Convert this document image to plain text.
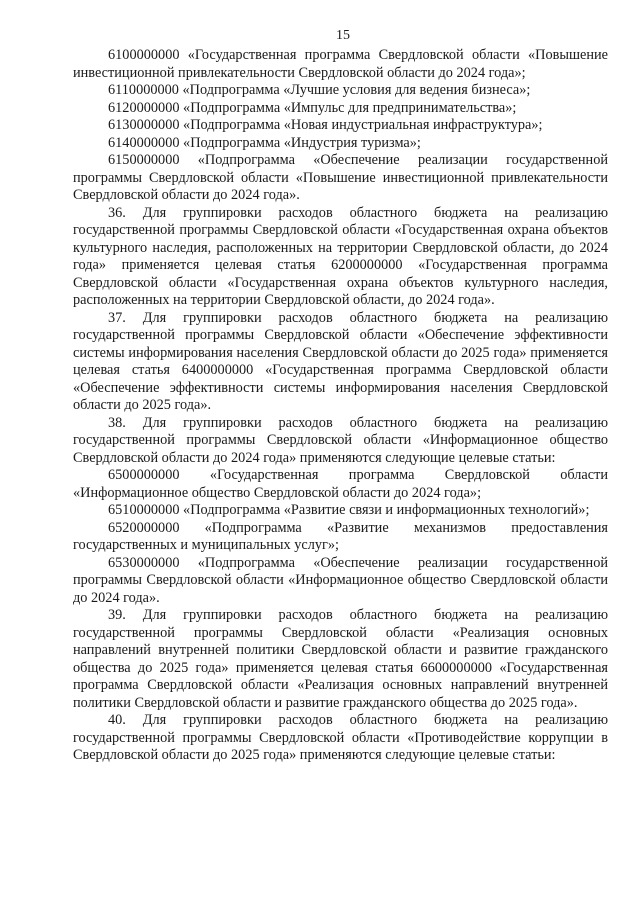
15

6100000000 «Государственная программа Свердловской области «Повышение инвестиционной привлекательности Свердловской области до 2024 года»;

6110000000 «Подпрограмма «Лучшие условия для ведения бизнеса»;

6120000000 «Подпрограмма «Импульс для предпринимательства»;

6130000000 «Подпрограмма «Новая индустриальная инфраструктура»;

6140000000 «Подпрограмма «Индустрия туризма»;

6150000000 «Подпрограмма «Обеспечение реализации государственной программы Свердловской области «Повышение инвестиционной привлекательности Свердловской области до 2024 года».

36. Для группировки расходов областного бюджета на реализацию государственной программы Свердловской области «Государственная охрана объектов культурного наследия, расположенных на территории Свердловской области, до 2024 года» применяется целевая статья 6200000000 «Государственная программа Свердловской области «Государственная охрана объектов культурного наследия, расположенных на территории Свердловской области, до 2024 года».

37. Для группировки расходов областного бюджета на реализацию государственной программы Свердловской области «Обеспечение эффективности системы информирования населения Свердловской области до 2025 года» применяется целевая статья 6400000000 «Государственная программа Свердловской области «Обеспечение эффективности системы информирования населения Свердловской области до 2025 года».

38. Для группировки расходов областного бюджета на реализацию государственной программы Свердловской области «Информационное общество Свердловской области до 2024 года» применяются следующие целевые статьи:

6500000000 «Государственная программа Свердловской области «Информационное общество Свердловской области до 2024 года»;

6510000000 «Подпрограмма «Развитие связи и информационных технологий»;

6520000000 «Подпрограмма «Развитие механизмов предоставления государственных и муниципальных услуг»;

6530000000 «Подпрограмма «Обеспечение реализации государственной программы Свердловской области «Информационное общество Свердловской области до 2024 года».

39. Для группировки расходов областного бюджета на реализацию государственной программы Свердловской области «Реализация основных направлений внутренней политики Свердловской области и развитие гражданского общества до 2025 года» применяется целевая статья 6600000000 «Государственная программа Свердловской области «Реализация основных направлений внутренней политики Свердловской области и развитие гражданского общества до 2025 года».

40. Для группировки расходов областного бюджета на реализацию государственной программы Свердловской области «Противодействие коррупции в Свердловской области до 2025 года» применяются следующие целевые статьи:
